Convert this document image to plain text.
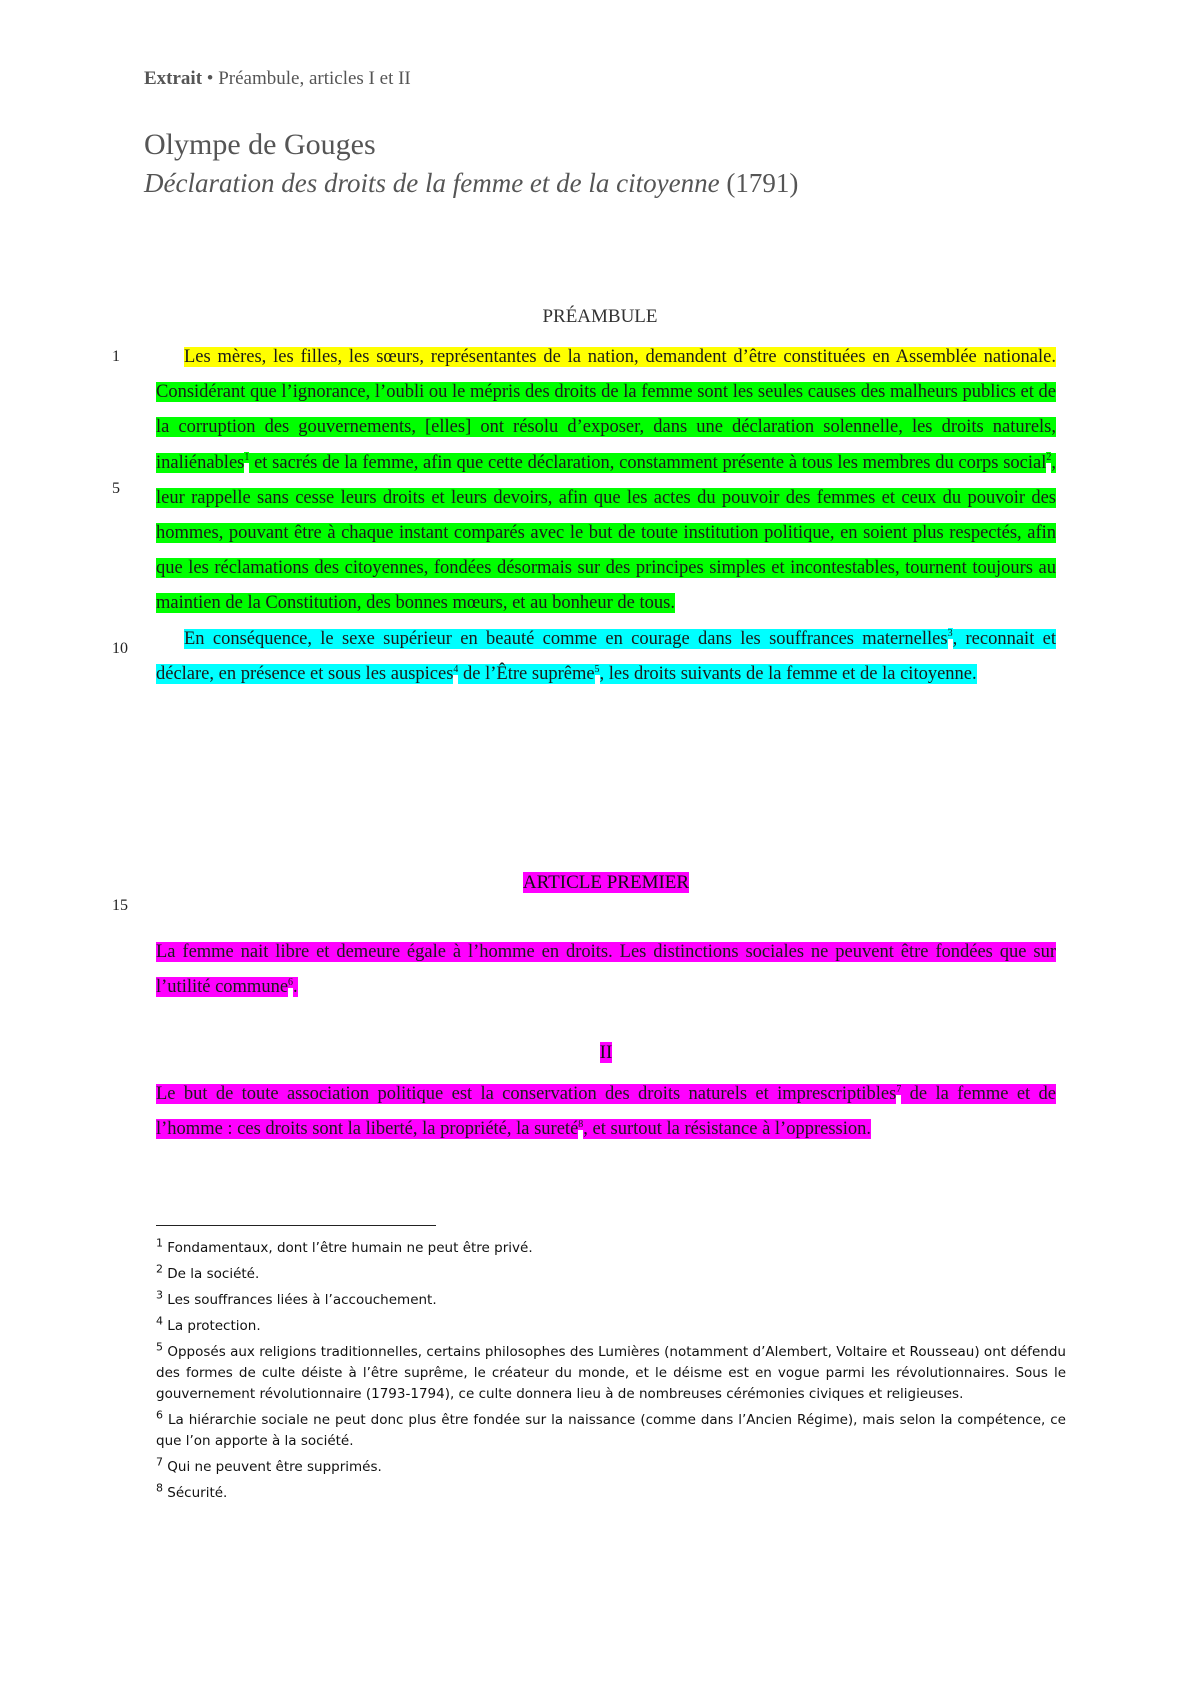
Extrait • Préambule, articles I et II
Olympe de Gouges
Déclaration des droits de la femme et de la citoyenne (1791)
PRÉAMBULE
1
5
10
15

Les mères, les filles, les sœurs, représentantes de la nation, demandent d’être constituées en Assemblée nationale. Considérant que l’ignorance, l’oubli ou le mépris des droits de la femme sont les seules causes des malheurs publics et de la corruption des gouvernements, [elles] ont résolu d’exposer, dans une déclaration solennelle, les droits naturels, inaliénables$^1$ et sacrés de la femme, afin que cette déclaration, constamment présente à tous les membres du corps social$^2$, leur rappelle sans cesse leurs droits et leurs devoirs, afin que les actes du pouvoir des femmes et ceux du pouvoir des hommes, pouvant être à chaque instant comparés avec le but de toute institution politique, en soient plus respectés, afin que les réclamations des citoyennes, fondées désormais sur des principes simples et incontestables, tournent toujours au maintien de la Constitution, des bonnes mœurs, et au bonheur de tous.

En conséquence, le sexe supérieur en beauté comme en courage dans les souffrances maternelles$^3$, reconnait et déclare, en présence et sous les auspices$^4$ de l’Être suprême$^5$, les droits suivants de la femme et de la citoyenne.

ARTICLE PREMIER

La femme nait libre et demeure égale à l’homme en droits. Les distinctions sociales ne peuvent être fondées que sur l’utilité commune$^6$.

II

Le but de toute association politique est la conservation des droits naturels et imprescriptibles$^7$ de la femme et de l’homme : ces droits sont la liberté, la propriété, la sureté$^8$, et surtout la résistance à l’oppression.

$^1$ Fondamentaux, dont l’être humain ne peut être privé.

$^2$ De la société.

$^3$ Les souffrances liées à l’accouchement.

$^4$ La protection.

$^5$ Opposés aux religions traditionnelles, certains philosophes des Lumières (notamment d’Alembert, Voltaire et Rousseau) ont défendu des formes de culte déiste à l’être suprême, le créateur du monde, et le déisme est en vogue parmi les révolutionnaires. Sous le gouvernement révolutionnaire (1793-1794), ce culte donnera lieu à de nombreuses cérémonies civiques et religieuses.

$^6$ La hiérarchie sociale ne peut donc plus être fondée sur la naissance (comme dans l’Ancien Régime), mais selon la compétence, ce que l’on apporte à la société.

$^7$ Qui ne peuvent être supprimés.

$^8$ Sécurité.
